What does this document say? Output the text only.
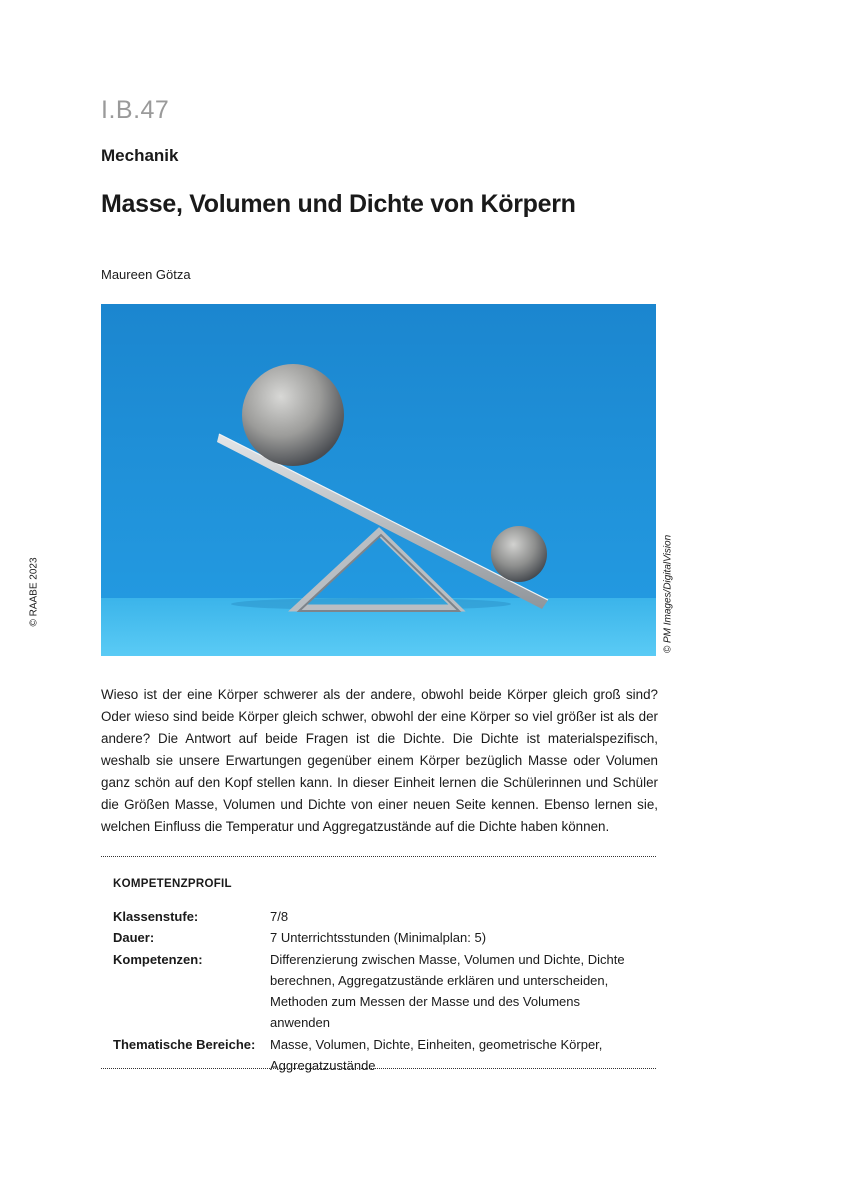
I.B.47
Mechanik
Masse, Volumen und Dichte von Körpern
Maureen Götza
© RAABE 2023	© PM Images/DigitalVision
Wieso ist der eine Körper schwerer als der andere, obwohl beide Körper gleich groß sind? Oder wieso sind beide Körper gleich schwer, obwohl der eine Körper so viel größer ist als der andere? Die Antwort auf beide Fragen ist die Dichte. Die Dichte ist materialspezifisch, weshalb sie unsere Erwartungen gegenüber einem Körper bezüglich Masse oder Volumen ganz schön auf den Kopf stellen kann. In dieser Einheit lernen die Schülerinnen und Schüler die Größen Masse, Volumen und Dichte von einer neuen Seite kennen. Ebenso lernen sie, welchen Einfluss die Temperatur und Aggregatzustände auf die Dichte haben können.
KOMPETENZPROFIL
Klassenstufe:	7/8
Dauer:	7 Unterrichtsstunden (Minimalplan: 5)
Kompetenzen:	Differenzierung zwischen Masse, Volumen und Dichte, Dichte berechnen, Aggregatzustände erklären und unterscheiden, Methoden zum Messen der Masse und des Volumens anwenden
Thematische Bereiche:	Masse, Volumen, Dichte, Einheiten, geometrische Körper, Aggregatzustände
